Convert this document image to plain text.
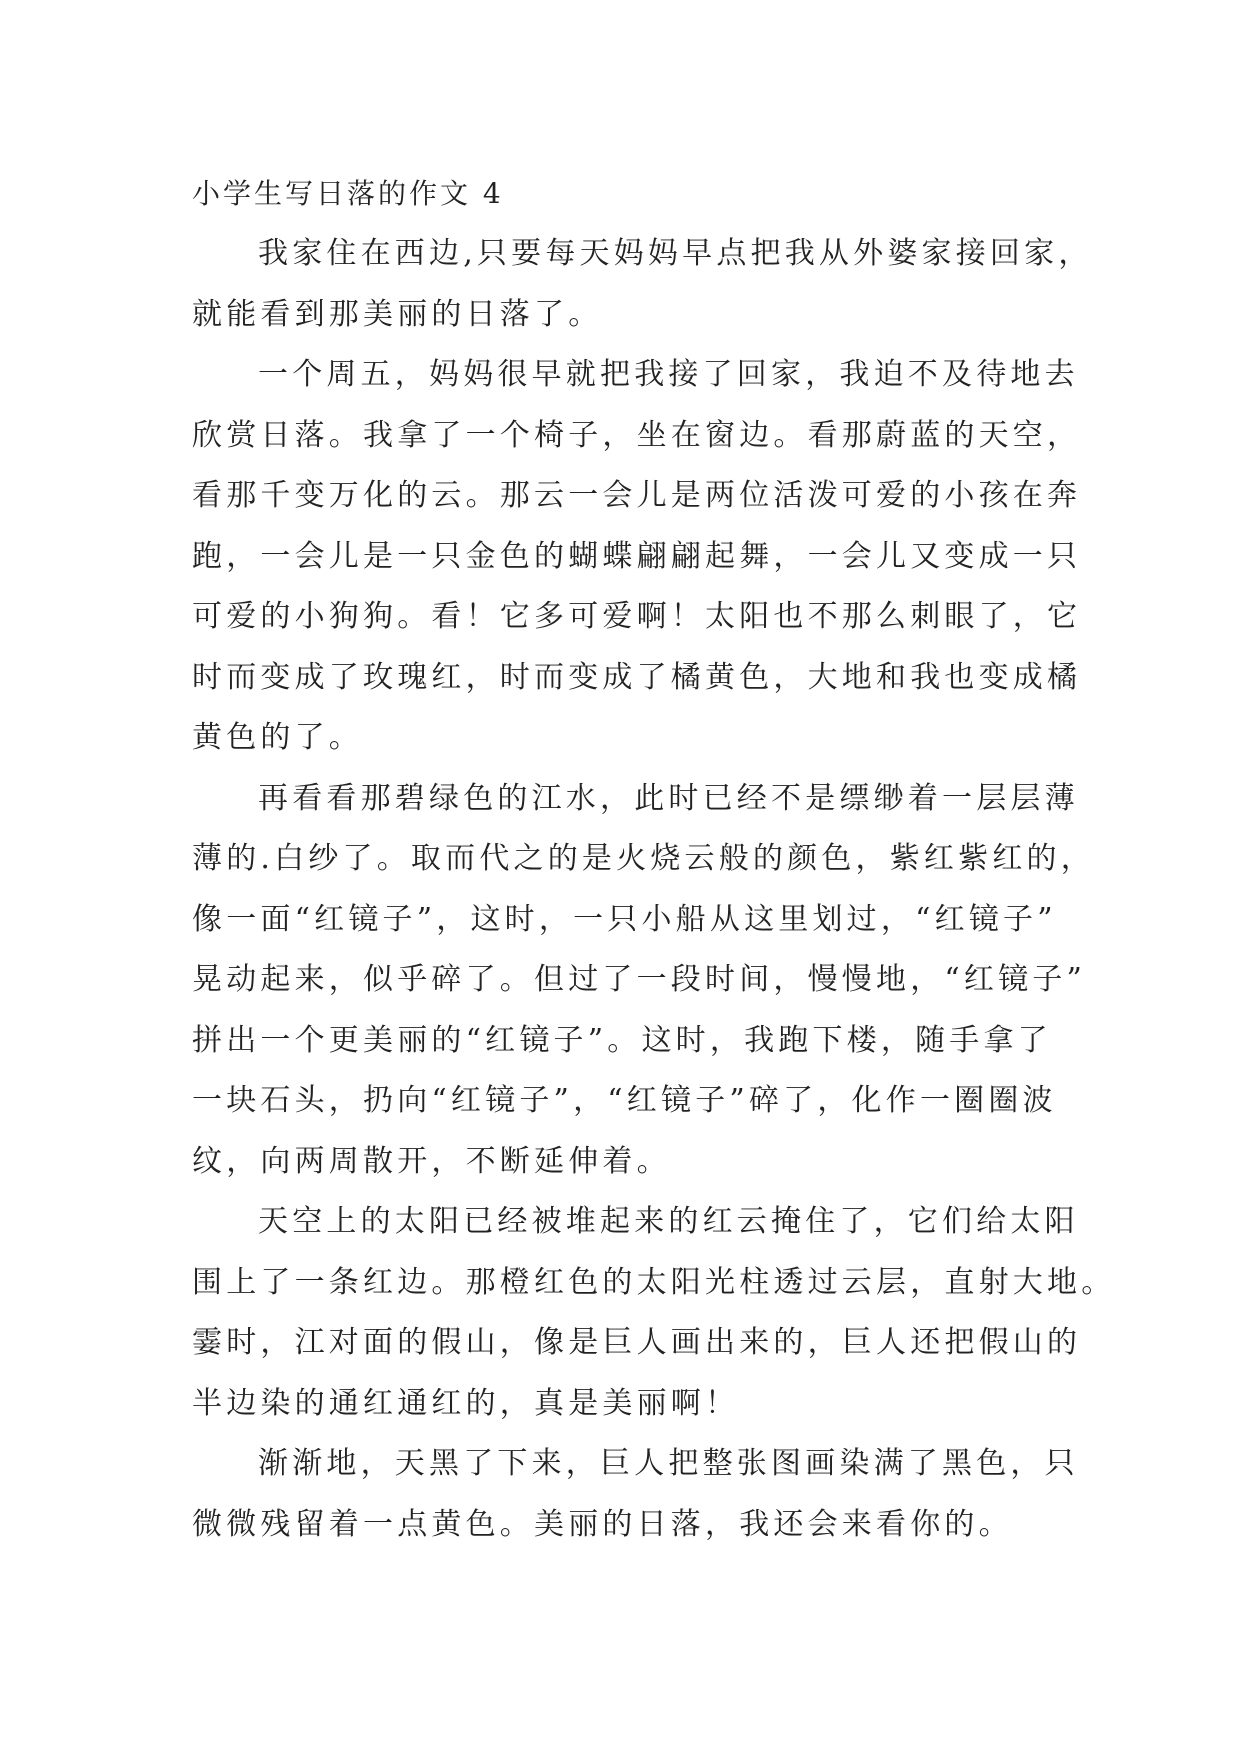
小学生写日落的作文 4
我家住在西边,只要每天妈妈早点把我从外婆家接回家，
就能看到那美丽的日落了。
一个周五，妈妈很早就把我接了回家，我迫不及待地去
欣赏日落。我拿了一个椅子，坐在窗边。看那蔚蓝的天空，
看那千变万化的云。那云一会儿是两位活泼可爱的小孩在奔
跑，一会儿是一只金色的蝴蝶翩翩起舞，一会儿又变成一只
可爱的小狗狗。看！它多可爱啊！太阳也不那么刺眼了，它
时而变成了玫瑰红，时而变成了橘黄色，大地和我也变成橘
黄色的了。
再看看那碧绿色的江水，此时已经不是缥缈着一层层薄
薄的.白纱了。取而代之的是火烧云般的颜色，紫红紫红的，
像一面“红镜子”，这时，一只小船从这里划过，“红镜子”
晃动起来，似乎碎了。但过了一段时间，慢慢地，“红镜子”
拼出一个更美丽的“红镜子”。这时，我跑下楼，随手拿了
一块石头，扔向“红镜子”，“红镜子”碎了，化作一圈圈波
纹，向两周散开，不断延伸着。
天空上的太阳已经被堆起来的红云掩住了，它们给太阳
围上了一条红边。那橙红色的太阳光柱透过云层，直射大地。
霎时，江对面的假山，像是巨人画出来的，巨人还把假山的
半边染的通红通红的，真是美丽啊！
渐渐地，天黑了下来，巨人把整张图画染满了黑色，只
微微残留着一点黄色。美丽的日落，我还会来看你的。
